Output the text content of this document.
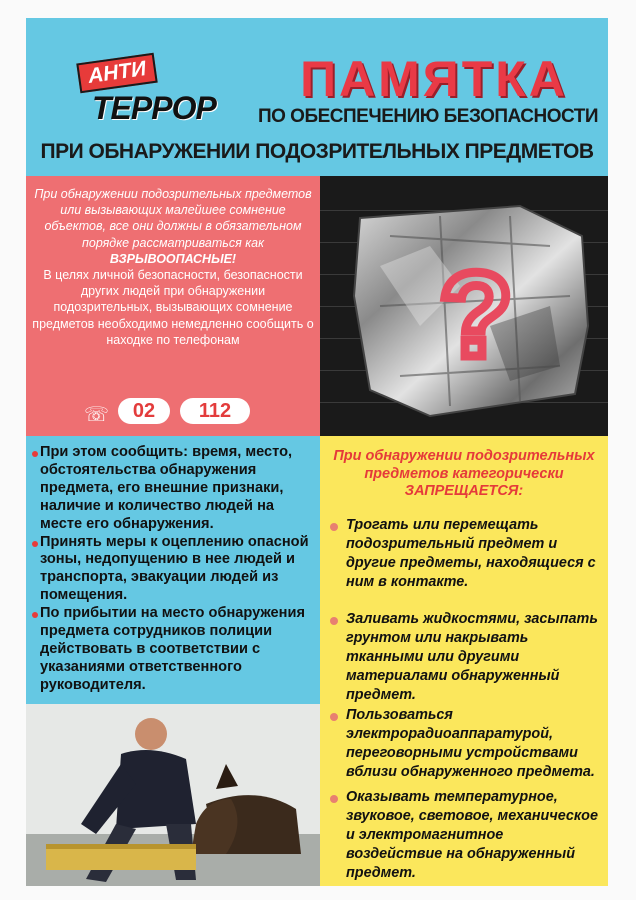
АНТИ
ТЕРРОР
ПАМЯТКА
ПО ОБЕСПЕЧЕНИЮ БЕЗОПАСНОСТИ
ПРИ ОБНАРУЖЕНИИ ПОДОЗРИТЕЛЬНЫХ ПРЕДМЕТОВ
При обнаружении подозрительных предметов или вызывающих малейшее сомнение объектов, все они должны в обязательном порядке рассматриваться как ВЗРЫВООПАСНЫЕ!
В целях личной безопасности, безопасности других людей при обнаружении подозрительных, вызывающих сомнение предметов необходимо немедленно сообщить о находке по телефонам
☏	02	112
?
При этом сообщить: время, место, обстоятельства обнаружения предмета, его внешние признаки, наличие и количество людей на месте его обнаружения.
Принять меры к оцеплению опасной зоны, недопущению в нее людей и транспорта, эвакуации людей из помещения.
По прибытии на место обнаружения предмета сотрудников полиции действовать в соответствии с указаниями ответственного руководителя.
При обнаружении подозрительных предметов категорически ЗАПРЕЩАЕТСЯ:
Трогать или перемещать подозрительный предмет и другие предметы, находящиеся с ним в контакте.
Заливать жидкостями, засыпать грунтом или накрывать тканными или другими материалами обнаруженный предмет.
Пользоваться электрорадиоаппаратурой, переговорными устройствами вблизи обнаруженного предмета.
Оказывать температурное, звуковое, световое, механическое и электромагнитное воздействие на обнаруженный предмет.
